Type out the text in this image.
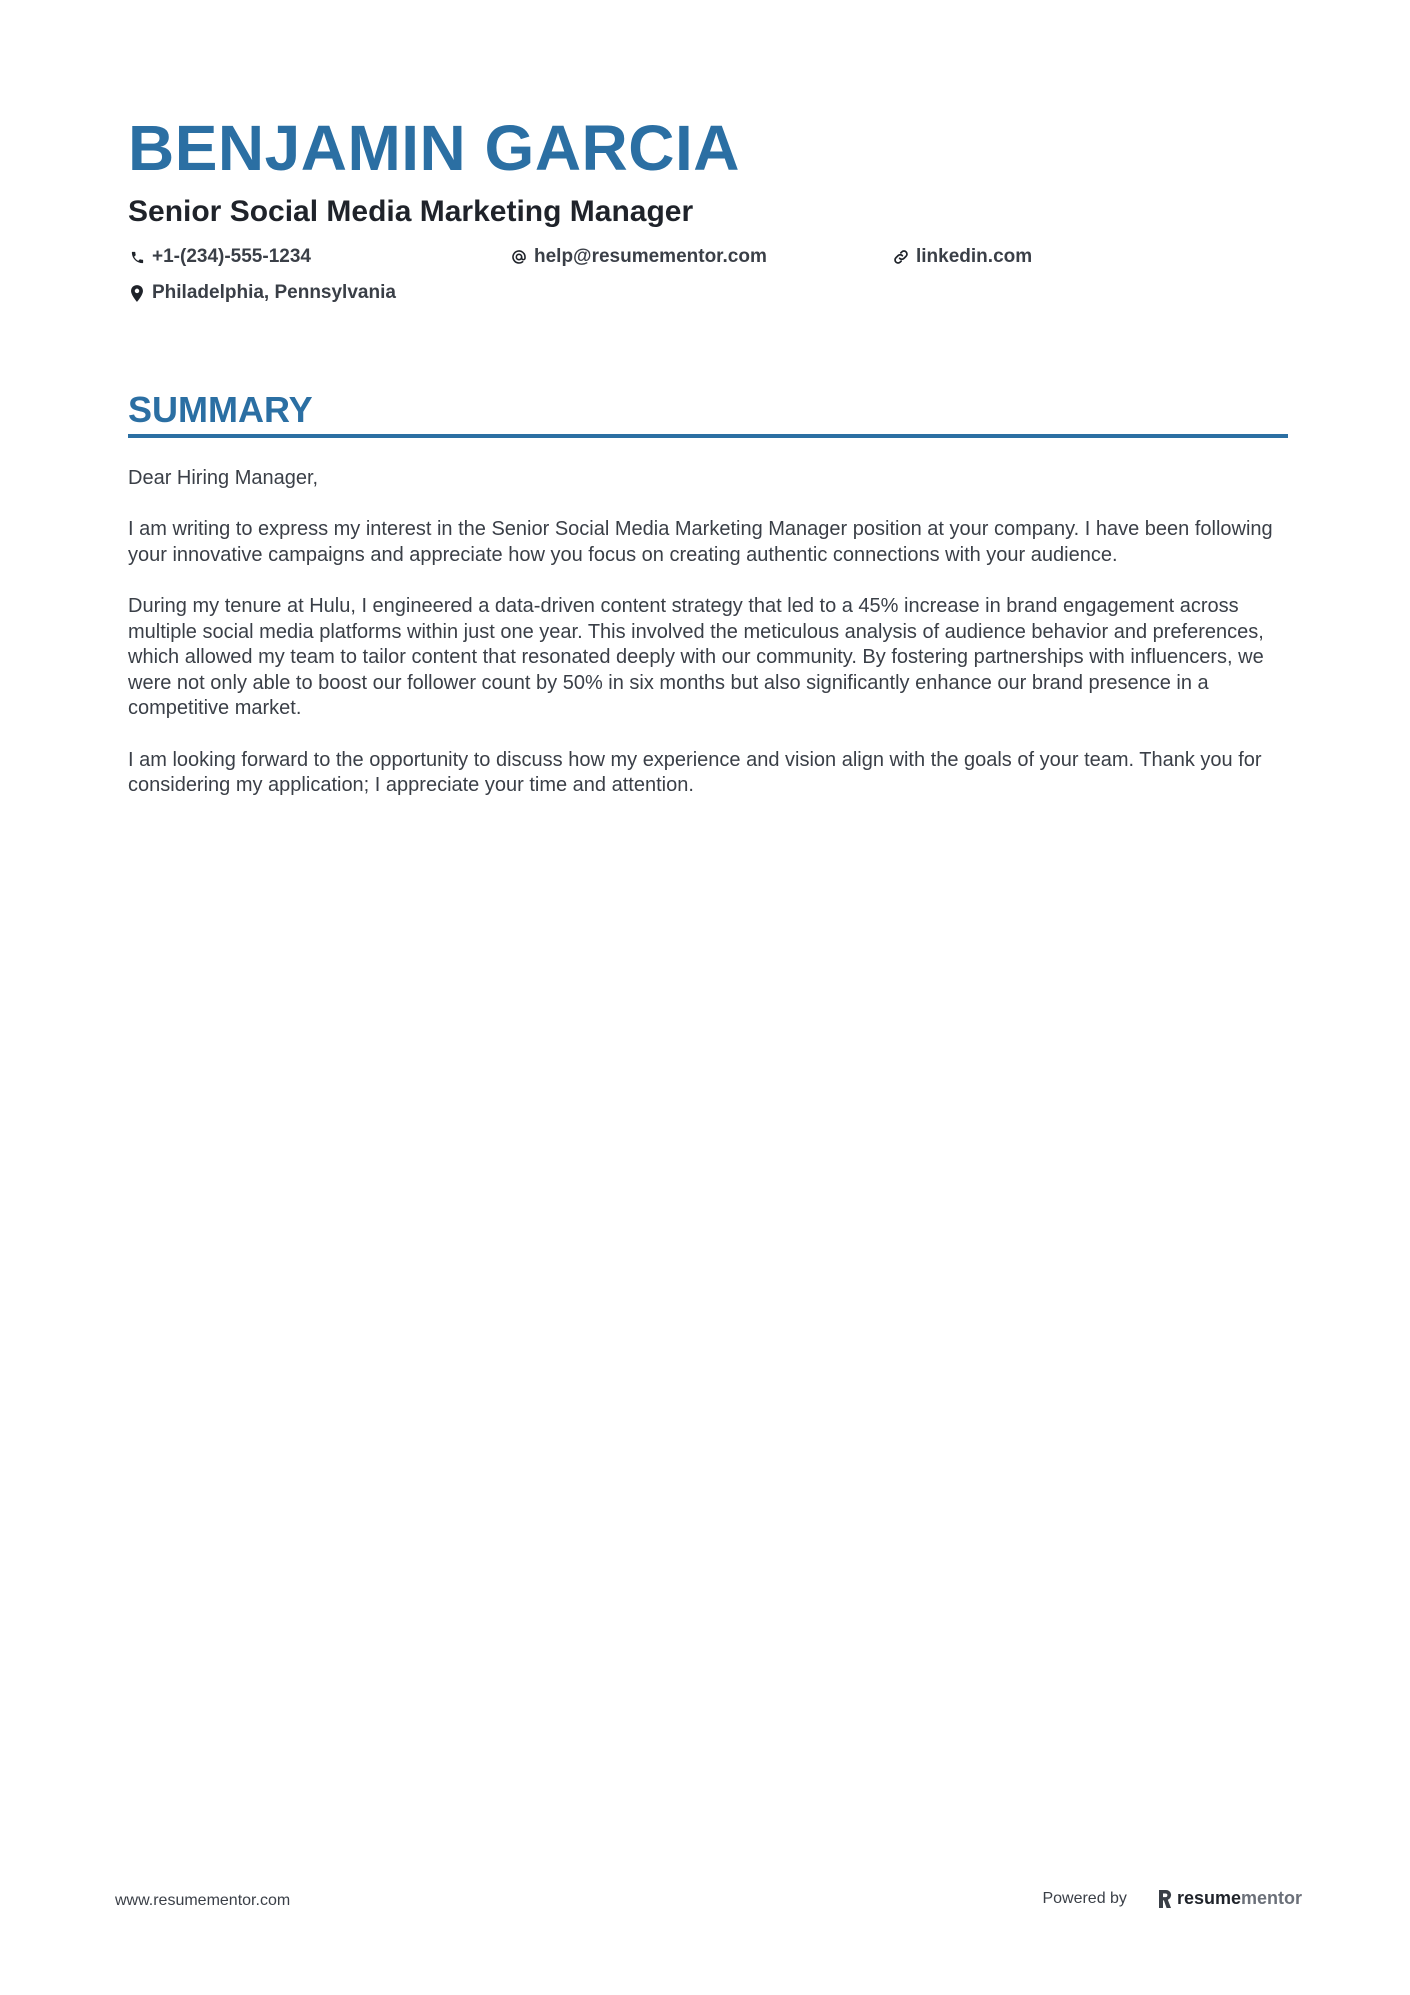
BENJAMIN GARCIA
Senior Social Media Marketing Manager
+1-(234)-555-1234	help@resumementor.com	linkedin.com
Philadelphia, Pennsylvania
SUMMARY

Dear Hiring Manager,

I am writing to express my interest in the Senior Social Media Marketing Manager position at your company. I have been following your innovative campaigns and appreciate how you focus on creating authentic connections with your audience.

During my tenure at Hulu, I engineered a data-driven content strategy that led to a 45% increase in brand engagement across multiple social media platforms within just one year. This involved the meticulous analysis of audience behavior and preferences, which allowed my team to tailor content that resonated deeply with our community. By fostering partnerships with influencers, we were not only able to boost our follower count by 50% in six months but also significantly enhance our brand presence in a competitive market.

I am looking forward to the opportunity to discuss how my experience and vision align with the goals of your team. Thank you for considering my application; I appreciate your time and attention.

www.resumementor.com	Powered by	resume mentor
